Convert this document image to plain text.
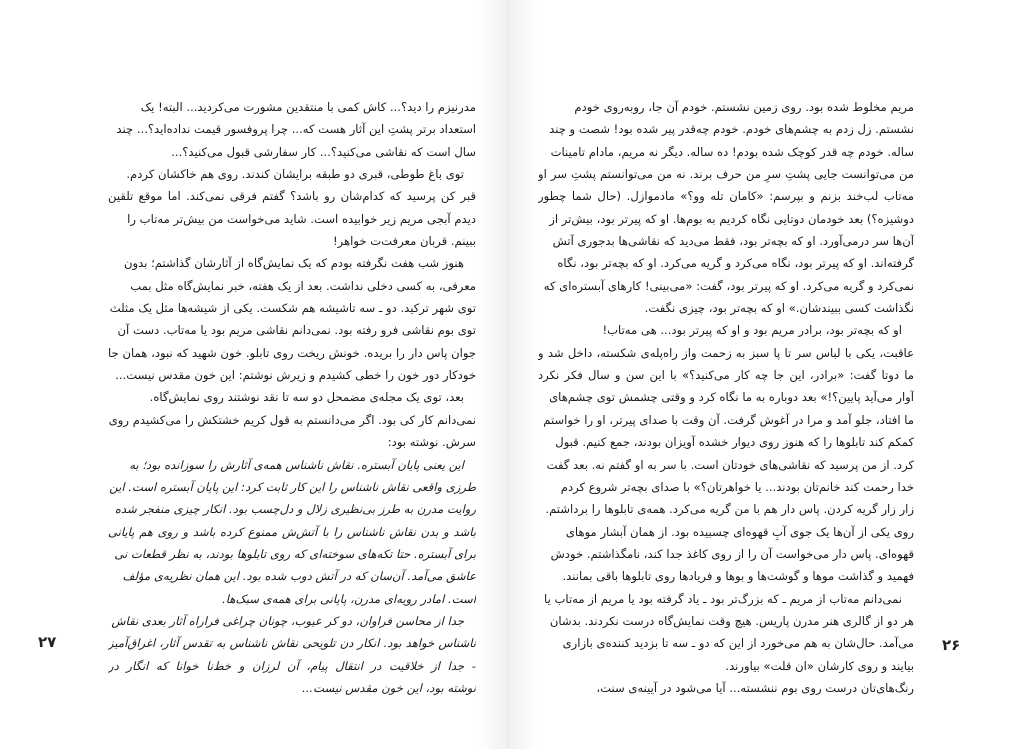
مدرنیزم را دید؟... کاش کمی با منتقدین مشورت می‌کردید... البته! یک

استعداد برتر پشتِ این آثار هست که... چرا پروفسور قیمت نداده‌اید؟... چند

سال است که نقاشی می‌کنید؟... کار سفارشی قبول می‌کنید؟...

توی باغ طوطی، قبری دو طبقه برایشان کندند. روی هم خاکشان کردم.

قبر کن پرسید که کدام‌شان رو باشد؟ گفتم فرقی نمی‌کند. اما موقع تلقین

دیدم آبجی مریم زیر خوابیده است. شاید می‌خواست من بیش‌تر مه‌تاب را

ببینم. قربان معرفت‌ت خواهر!

هنوز شب هفت نگرفته بودم که یک نمایش‌گاه از آثارشان گذاشتم؛ بدون

معرفی، به کسی دخلی نداشت. بعد از یک هفته، خبر نمایش‌گاه مثل بمب

توی شهر ترکید. دو ـ سه تاشیشه هم شکست. یکی از شیشه‌ها مثل یک مثلث

توی بوم نقاشی فرو رفته بود. نمی‌دانم نقاشی مریم بود یا مه‌تاب. دست آن

جوان پاس دار را بریده. خونش ریخت روی تابلو. خون شهید که نبود، همان جا

خودکار دور خون را خطی کشیدم و زیرش نوشتم: این خون مقدس نیست...

بعد، توی یک مجله‌ی مضمحل دو سه تا نقد نوشتند روی نمایش‌گاه.

نمی‌دانم کار کی بود. اگر می‌دانستم به قول کریم خشتکش را می‌کشیدم روی

سرش. نوشته بود:

این یعنی پایان آبستره. نقاش ناشناس همه‌ی آثارش را سوزانده بود؛ به

طرزی واقعی نقاش ناشناس را این کار ثابت کرد: این پایان آبستره است. این

روایت مدرن به طرز بی‌نظیری زلال و دل‌چسب بود. انکار چیزی منفجر شده

باشد و بدن نقاش ناشناس را با آتش‌ش ممنوع کرده باشد و روی هم پایانی

برای آبستره. حتا تکه‌های سوخته‌ای که روی تابلوها بودند، به نظر قطعات نی

عاشق می‌آمد. آن‌سان که در آتش دوب شده بود. این همان نظریه‌ی مؤلف

است. امادر رویه‌ای مدرن، پایانی برای همه‌ی سبک‌ها.

جدا از محاسن فراوان، دو کر عیوب، چونان چراغی فراراه آثار بعدی نقاش

ناشناس خواهد بود. انکار دن تلویحی نقاش ناشناس به تقدس آثار، اغراق‌آمیز

- جدا از خلاقیت در انتقال پیام، آن لرزان و خط‌نا خوانا که انگار در

نوشته بود، این خون مقدس نیست...

مریم مخلوط شده بود. روی زمین نشستم. خودم آن جا، روبه‌روی خودم

نشستم. زل زدم به چشم‌های خودم. خودم چه‌قدر پیر شده بود! شصت و چند

ساله. خودم چه قدر کوچک شده بودم! ده ساله. دیگر نه مریم، مادام تامینات

من می‌توانست جایی پشتِ سرِ من حرف برند. نه من می‌توانستم پشتِ سر او

مه‌تاب لب‌خند بزنم و بپرسم: «کامان تله وو؟» مادموازل. (حال شما چطور

دوشیزه؟) بعد خودمان دوتایی نگاه کردیم به بوم‌ها. او که پیرتر بود، بیش‌تر از

آن‌ها سر درمی‌آورد. او که بچه‌تر بود، فقط می‌دید که نقاشی‌ها بدجوری آتش

گرفته‌اند. او که پیرتر بود، نگاه می‌کرد و گریه می‌کرد. او که بچه‌تر بود، نگاه

نمی‌کرد و گریه می‌کرد. او که پیرتر بود، گفت: «می‌بینی! کارهای آبستره‌ای که

نگذاشت کسی ببیندشان.» او که بچه‌تر بود، چیزی نگفت.

او که بچه‌تر بود، برادر مریم بود و او که پیرتر بود... هی مه‌تاب!

عاقبت، یکی با لباس سر تا پا سبز به زحمت واز راه‌پله‌ی شکسته، داخل شد و

ما دوتا گفت: «برادر، این جا چه کار می‌کنید؟» با این سن و سال فکر نکرد

آوار می‌آید پایین؟!» بعد دوباره به ما نگاه کرد و وقتی چشمش توی چشم‌های

ما افتاد، جلو آمد و مرا در آغوش گرفت. آن وقت با صدای پیرتر، او را خواستم

کمکم کند تابلوها را که هنوز روی دیوار خشده آویزان بودند، جمع کنیم. قبول

کرد. از من پرسید که نقاشی‌های خودتان است. با سر به او گفتم نه. بعد گفت

خدا رحمت کند خانم‌تان بودند... یا خواهرتان؟» با صدای بچه‌تر شروع کردم

زار زار گریه کردن. پاس دار هم با من گریه می‌کرد. همه‌ی تابلوها را برداشتم.

روی یکی از آن‌ها یک جوی آبِ قهوه‌ای چسبیده بود. از همان آبشار موهای

قهوه‌ای. پاس دار می‌خواست آن را از روی کاغذ جدا کند، نامگذاشتم. خودش

فهمید و گذاشت موها و گوشت‌ها و بوها و فریادها روی تابلوها باقی بمانند.

نمی‌دانم مه‌تاب از مریم ـ که بزرگ‌تر بود ـ یاد گرفته بود یا مریم از مه‌تاب یا

هر دو از گالری هنر مدرن پاریس. هیچ وقت نمایش‌گاه درست نکردند. بدشان

می‌آمد. حال‌شان به هم می‌خورد از این که دو ـ سه تا بزدید کننده‌ی بازاری

بیایند و روی کارشان «ان قلت» بیاورند.

رنگ‌های‌تان درست روی بوم ننشسته... آیا می‌شود در آیینه‌ی سنت،

۲۷	۲۶
